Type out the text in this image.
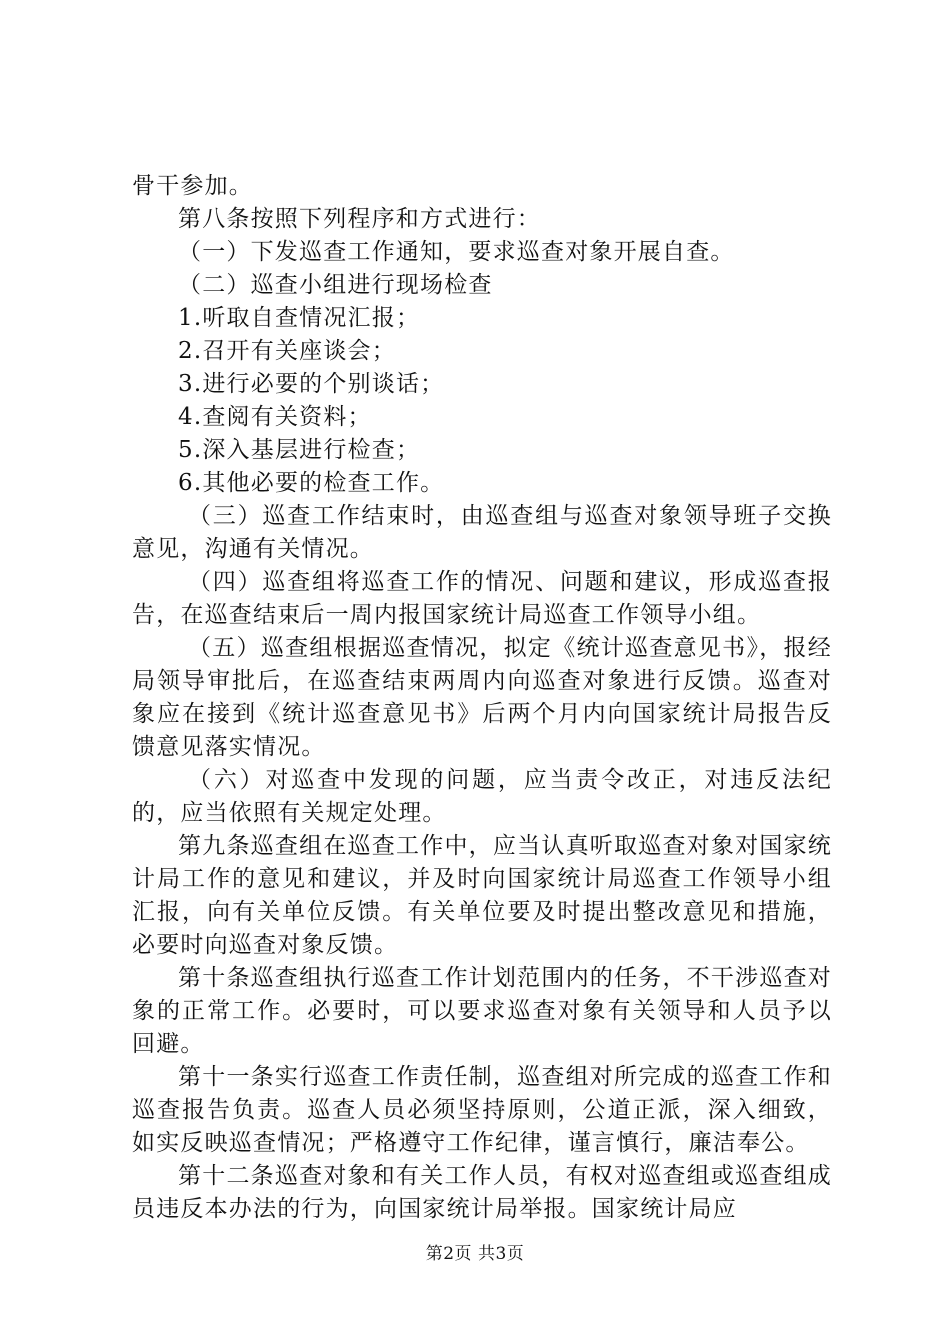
骨干参加。

第八条按照下列程序和方式进行：

（一）下发巡查工作通知，要求巡查对象开展自查。

（二）巡查小组进行现场检查

1.听取自查情况汇报；

2.召开有关座谈会；

3.进行必要的个别谈话；

4.查阅有关资料；

5.深入基层进行检查；

6.其他必要的检查工作。

（三）巡查工作结束时，由巡查组与巡查对象领导班子交换意见，沟通有关情况。

（四）巡查组将巡查工作的情况、问题和建议，形成巡查报告，在巡查结束后一周内报国家统计局巡查工作领导小组。

（五）巡查组根据巡查情况，拟定《统计巡查意见书》，报经局领导审批后，在巡查结束两周内向巡查对象进行反馈。巡查对象应在接到《统计巡查意见书》后两个月内向国家统计局报告反馈意见落实情况。

（六）对巡查中发现的问题，应当责令改正，对违反法纪的，应当依照有关规定处理。

第九条巡查组在巡查工作中，应当认真听取巡查对象对国家统计局工作的意见和建议，并及时向国家统计局巡查工作领导小组汇报，向有关单位反馈。有关单位要及时提出整改意见和措施，必要时向巡查对象反馈。

第十条巡查组执行巡查工作计划范围内的任务，不干涉巡查对象的正常工作。必要时，可以要求巡查对象有关领导和人员予以回避。

第十一条实行巡查工作责任制，巡查组对所完成的巡查工作和巡查报告负责。巡查人员必须坚持原则，公道正派，深入细致，如实反映巡查情况；严格遵守工作纪律，谨言慎行，廉洁奉公。

第十二条巡查对象和有关工作人员，有权对巡查组或巡查组成员违反本办法的行为，向国家统计局举报。国家统计局应

第2页 共3页
